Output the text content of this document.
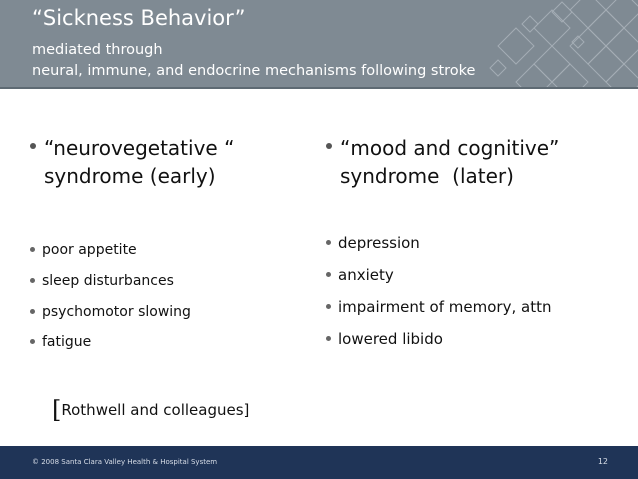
“Sickness Behavior”
mediated through
neural, immune, and endocrine mechanisms following stroke
“neurovegetative “
syndrome (early)
poor appetite
sleep disturbances
psychomotor slowing
fatigue
“mood and cognitive”
syndrome  (later)
depression
anxiety
impairment of memory, attn
lowered libido
[Rothwell and colleagues]
© 2008 Santa Clara Valley Health & Hospital System	12
